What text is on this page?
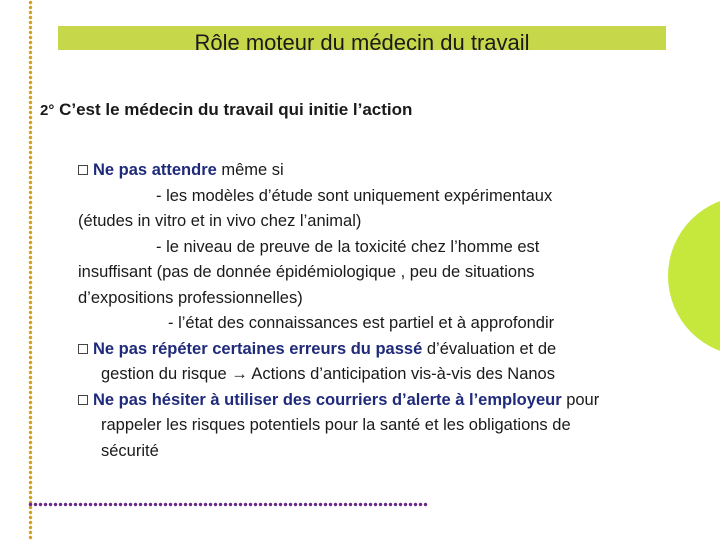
Rôle moteur du médecin du travail

2° C’est le médecin du travail qui initie l’action

Ne pas attendre même si
- les modèles d’étude sont uniquement expérimentaux
(études in vitro et in vivo chez l’animal)
- le niveau de preuve de la toxicité chez l’homme est
insuffisant (pas de donnée épidémiologique , peu de situations
d’expositions professionnelles)
- l’état des connaissances est partiel et à approfondir
Ne pas répéter certaines erreurs du passé d’évaluation et de
gestion du risque → Actions d’anticipation vis-à-vis des Nanos
Ne pas hésiter à utiliser des courriers d’alerte à l’employeur pour
rappeler les risques potentiels pour la santé et les obligations de
sécurité
